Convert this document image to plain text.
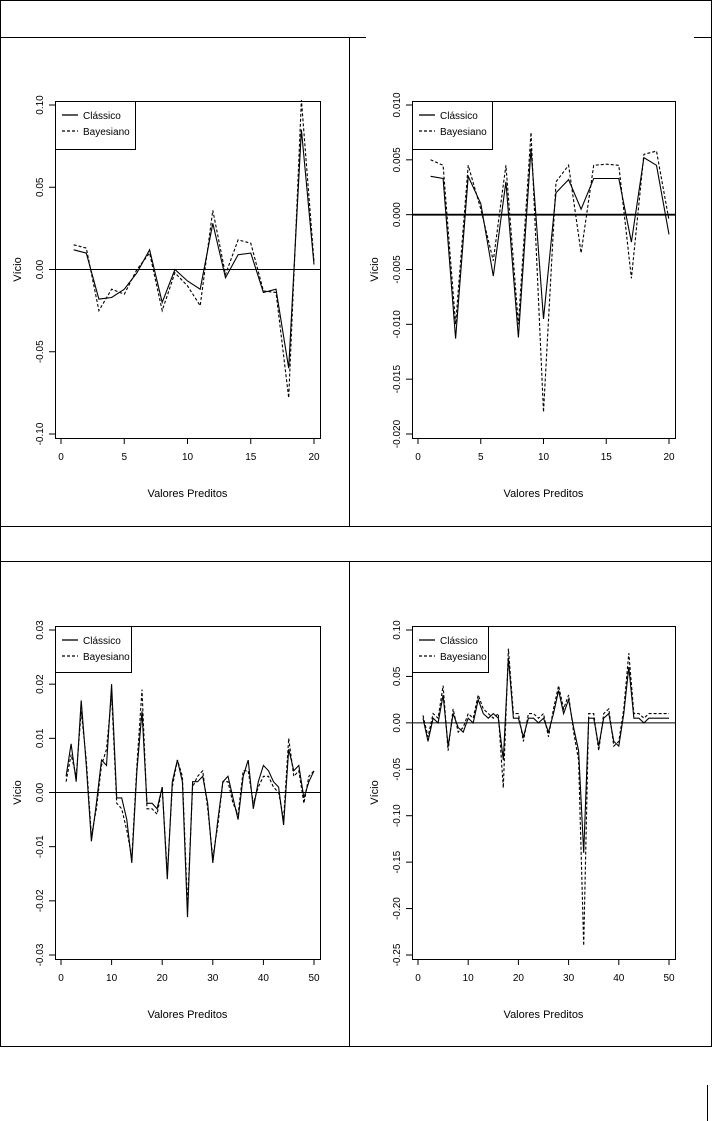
0	5	10	15	20
Valores Preditos
-0.10
-0.05
0.00
0.05
0.10
Vício
Clássico
Bayesiano
0	5	10	15	20
Valores Preditos
-0.020
-0.015
-0.010
-0.005
0.000
0.005
0.010
Vício
Clássico
Bayesiano
0	10	20	30	40	50
Valores Preditos
-0.03
-0.02
-0.01
0.00
0.01
0.02
0.03
Vício
Clássico
Bayesiano
0	10	20	30	40	50
Valores Preditos
-0.25
-0.20
-0.15
-0.10
-0.05
0.00
0.05
0.10
Vício
Clássico
Bayesiano
